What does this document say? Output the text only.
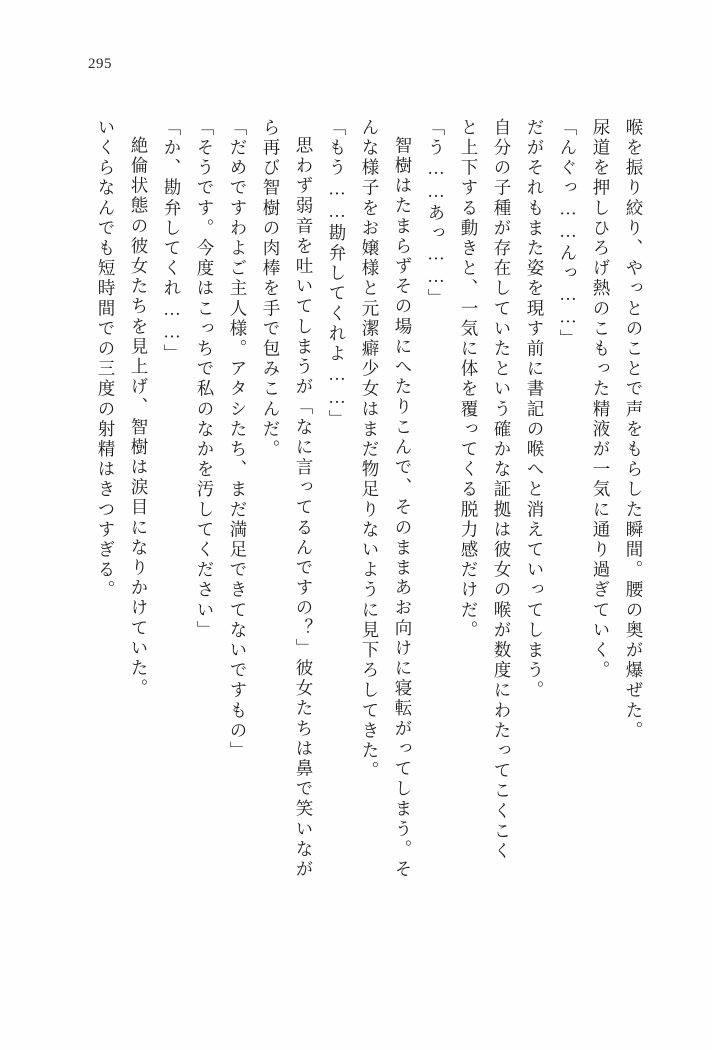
295
喉を振り絞り、やっとのことで声をもらした瞬間。腰の奥が爆ぜた。
尿道を押しひろげ熱のこもった精液が一気に通り過ぎていく。
「んぐっ……んっ……」
だがそれもまた姿を現す前に書記の喉へと消えていってしまう。
自分の子種が存在していたという確かな証拠は彼女の喉が数度にわたってこくこく
と上下する動きと、一気に体を覆ってくる脱力感だけだ。
「う……あっ……」
智樹はたまらずその場にへたりこんで、そのままあお向けに寝転がってしまう。そ
んな様子をお嬢様と元潔癖少女はまだ物足りないように見下ろしてきた。
「もう……勘弁してくれよ……」
思わず弱音を吐いてしまうが「なに言ってるんですの？」彼女たちは鼻で笑いなが
ら再び智樹の肉棒を手で包みこんだ。
「だめですわよご主人様。アタシたち、まだ満足できてないですもの」
「そうです。今度はこっちで私のなかを汚してください」
「か、勘弁してくれ……」
絶倫状態の彼女たちを見上げ、智樹は涙目になりかけていた。
いくらなんでも短時間での三度の射精はきつすぎる。
